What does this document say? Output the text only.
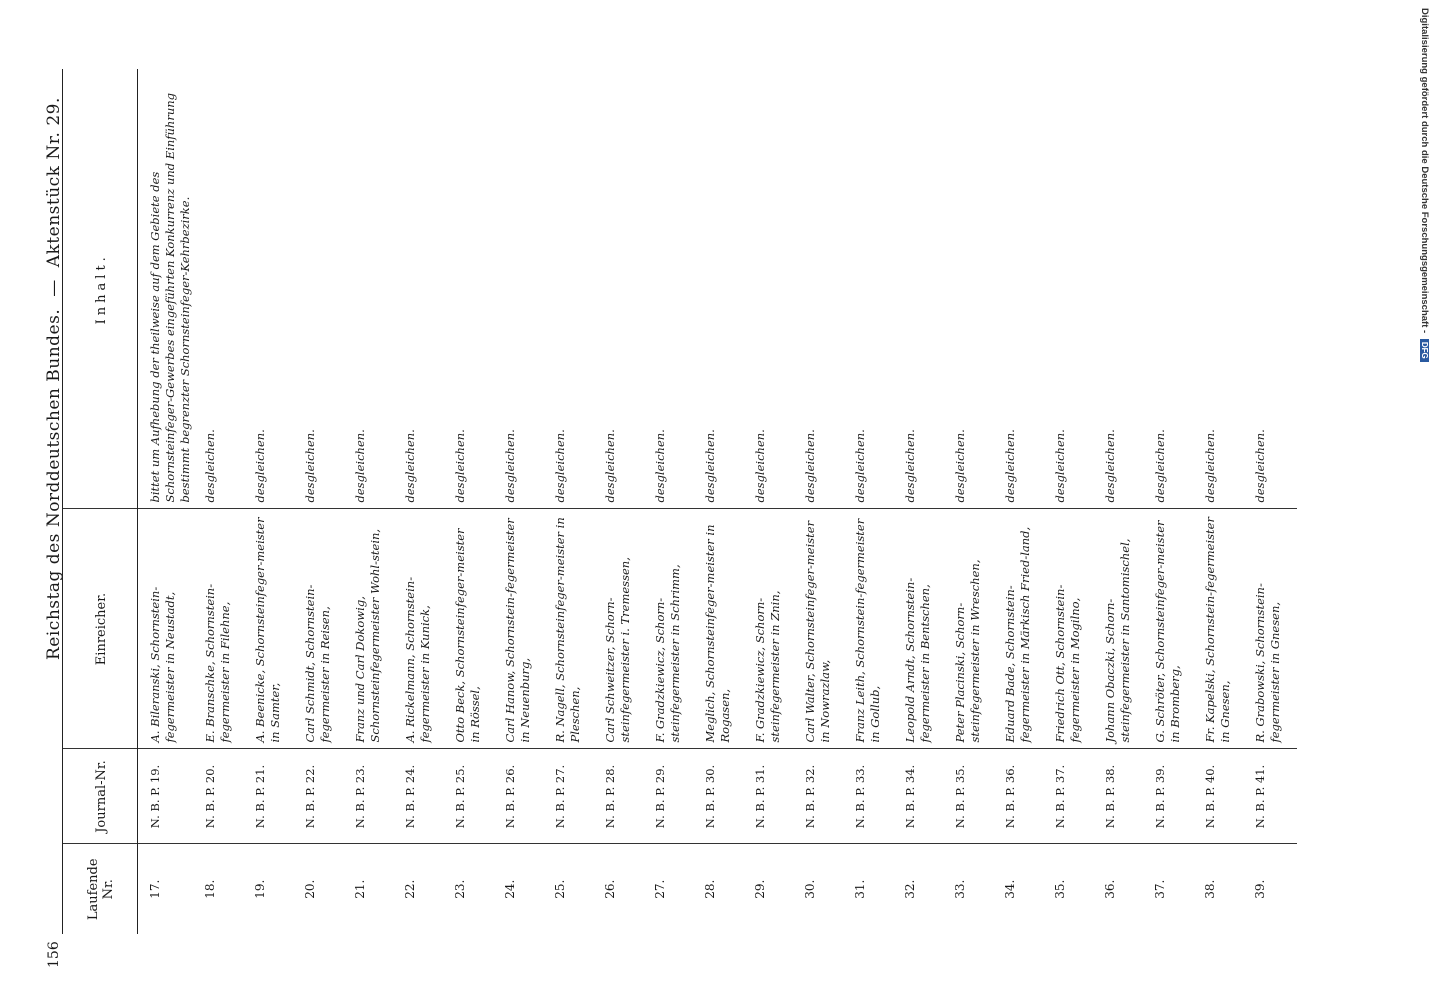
156
Reichstag des Norddeutschen Bundes.—Aktenstück Nr. 29.
Laufende Nr.	Journal-Nr.	Einreicher.	Inhalt.
17.	N. B. P. 19.	A. Bileranski, Schornstein-fegermeister in Neustadt,	bittet um Aufhebung der theilweise auf dem Gebiete des Schornsteinfeger-Gewerbes eingeführten Konkurrenz und Einführung bestimmt begrenzter Schornsteinfeger-Kehrbezirke.
18.	N. B. P. 20.	E. Branschke, Schornstein-fegermeister in Filehne,	desgleichen.
19.	N. B. P. 21.	A. Beenicke, Schornsteinfeger-meister in Samter,	desgleichen.
20.	N. B. P. 22.	Carl Schmidt, Schornstein-fegermeister in Reisen,	desgleichen.
21.	N. B. P. 23.	Franz und Carl Dokowig, Schornsteinfegermeister Wohl-stein,	desgleichen.
22.	N. B. P. 24.	A. Rickelmann, Schornstein-fegermeister in Kunick,	desgleichen.
23.	N. B. P. 25.	Otto Beck, Schornsteinfeger-meister in Rössel,	desgleichen.
24.	N. B. P. 26.	Carl Hanow, Schornstein-fegermeister in Neuenburg,	desgleichen.
25.	N. B. P. 27.	R. Nagell, Schornsteinfeger-meister in Pleschen,	desgleichen.
26.	N. B. P. 28.	Carl Schweitzer, Schorn-steinfegermeister i. Tremessen,	desgleichen.
27.	N. B. P. 29.	F. Gradzkiewicz, Schorn-steinfegermeister in Schrimm,	desgleichen.
28.	N. B. P. 30.	Meglich, Schornsteinfeger-meister in Rogasen,	desgleichen.
29.	N. B. P. 31.	F. Gradzkiewicz, Schorn-steinfegermeister in Znin,	desgleichen.
30.	N. B. P. 32.	Carl Walter, Schornsteinfeger-meister in Nowrazlaw,	desgleichen.
31.	N. B. P. 33.	Franz Leith, Schornstein-fegermeister in Gollub,	desgleichen.
32.	N. B. P. 34.	Leopold Arndt, Schornstein-fegermeister in Bentschen,	desgleichen.
33.	N. B. P. 35.	Peter Placinski, Schorn-steinfegermeister in Wreschen,	desgleichen.
34.	N. B. P. 36.	Eduard Bade, Schornstein-fegermeister in Märkisch Fried-land,	desgleichen.
35.	N. B. P. 37.	Friedrich Ott, Schornstein-fegermeister in Mogilno,	desgleichen.
36.	N. B. P. 38.	Johann Obaczki, Schorn-steinfegermeister in Santomischel,	desgleichen.
37.	N. B. P. 39.	G. Schröter, Schornsteinfeger-meister in Bromberg,	desgleichen.
38.	N. B. P. 40.	Fr. Kapelski, Schornstein-fegermeister in Gnesen,	desgleichen.
39.	N. B. P. 41.	R. Grabowski, Schornstein-fegermeister in Gnesen,	desgleichen.
Digitalisierung gefördert durch die Deutsche Forschungsgemeinschaft - DFG
